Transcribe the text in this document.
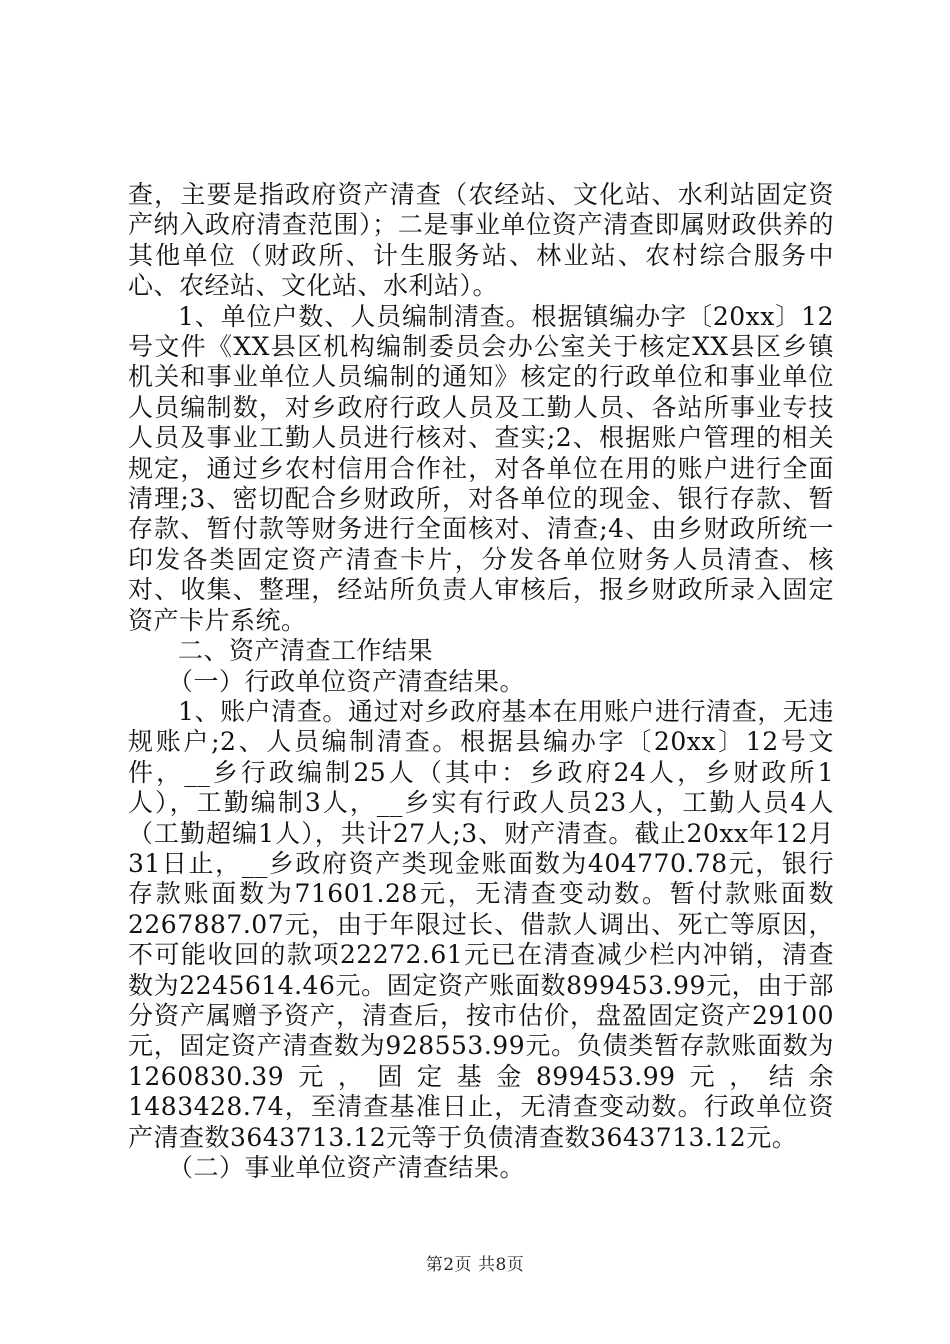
查，主要是指政府资产清查（农经站、文化站、水利站固定资产纳入政府清查范围）；二是事业单位资产清查即属财政供养的其他单位（财政所、计生服务站、林业站、农村综合服务中心、农经站、文化站、水利站）。

1、单位户数、人员编制清查。根据镇编办字〔20xx〕12号文件《XX县区机构编制委员会办公室关于核定XX县区乡镇机关和事业单位人员编制的通知》核定的行政单位和事业单位人员编制数，对乡政府行政人员及工勤人员、各站所事业专技人员及事业工勤人员进行核对、查实;2、根据账户管理的相关规定，通过乡农村信用合作社，对各单位在用的账户进行全面清理;3、密切配合乡财政所，对各单位的现金、银行存款、暂存款、暂付款等财务进行全面核对、清查;4、由乡财政所统一印发各类固定资产清查卡片，分发各单位财务人员清查、核对、收集、整理，经站所负责人审核后，报乡财政所录入固定资产卡片系统。

二、资产清查工作结果

（一）行政单位资产清查结果。

1、账户清查。通过对乡政府基本在用账户进行清查，无违规账户;2、人员编制清查。根据县编办字〔20xx〕12号文件，__乡行政编制25人（其中：乡政府24人，乡财政所1人），工勤编制3人，__乡实有行政人员23人，工勤人员4人（工勤超编1人），共计27人;3、财产清查。截止20xx年12月31日止，__乡政府资产类现金账面数为404770.78元，银行存款账面数为71601.28元，无清查变动数。暂付款账面数2267887.07元，由于年限过长、借款人调出、死亡等原因，不可能收回的款项22272.61元已在清查减少栏内冲销，清查数为2245614.46元。固定资产账面数899453.99元，由于部分资产属赠予资产，清查后，按市估价，盘盈固定资产29100元，固定资产清查数为928553.99元。负债类暂存款账面数为1260830.39元，固定基金899453.99元，结余1483428.74，至清查基准日止，无清查变动数。行政单位资产清查数3643713.12元等于负债清查数3643713.12元。

（二）事业单位资产清查结果。

第2页 共8页
